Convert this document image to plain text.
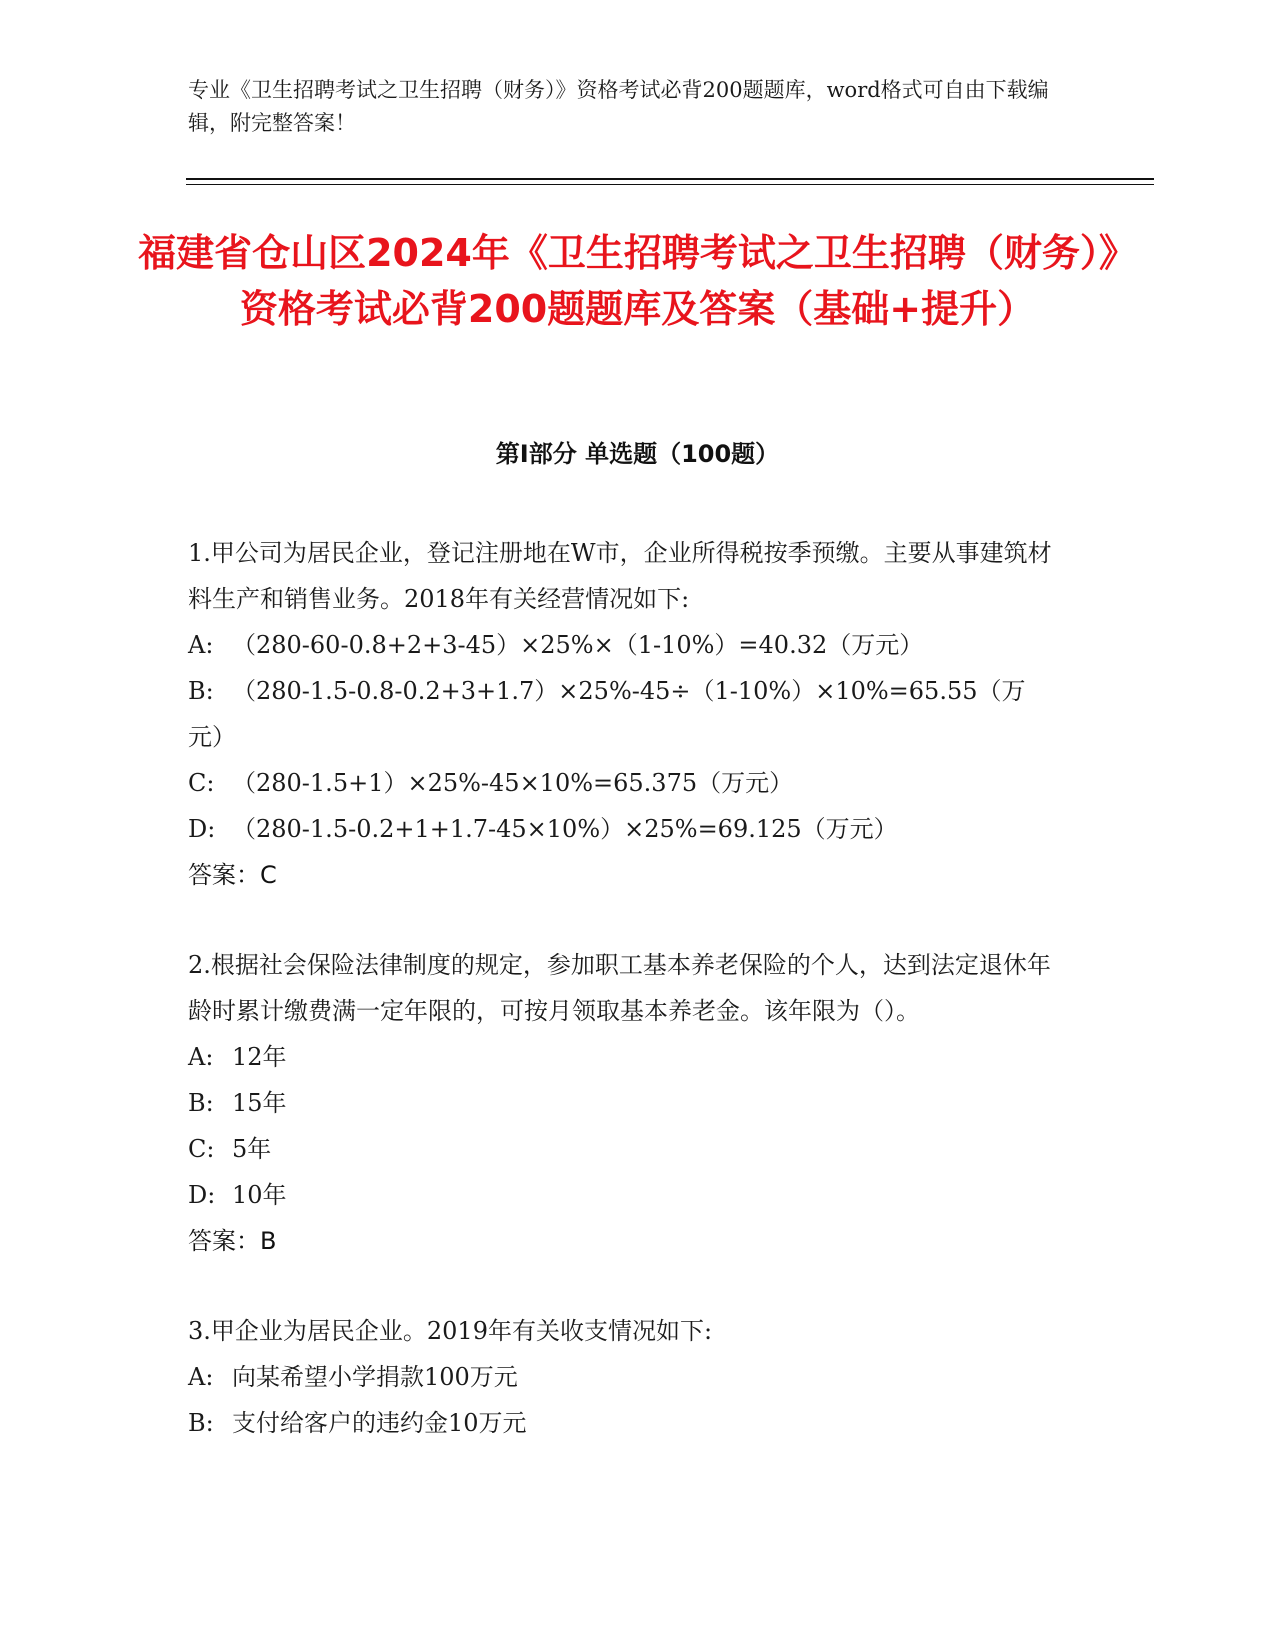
专业《卫生招聘考试之卫生招聘（财务）》资格考试必背200题题库，word格式可自由下载编辑，附完整答案！
福建省仓山区2024年《卫生招聘考试之卫生招聘（财务）》资格考试必背200题题库及答案（基础+提升）
第I部分 单选题（100题）
1.甲公司为居民企业，登记注册地在W市，企业所得税按季预缴。主要从事建筑材料生产和销售业务。2018年有关经营情况如下:
A: （280-60-0.8+2+3-45）×25%×（1-10%）=40.32（万元）
B: （280-1.5-0.8-0.2+3+1.7）×25%-45÷（1-10%）×10%=65.55（万元）
C: （280-1.5+1）×25%-45×10%=65.375（万元）
D: （280-1.5-0.2+1+1.7-45×10%）×25%=69.125（万元）
答案：C
2.根据社会保险法律制度的规定，参加职工基本养老保险的个人，达到法定退休年龄时累计缴费满一定年限的，可按月领取基本养老金。该年限为（）。
A: 12年
B: 15年
C: 5年
D: 10年
答案：B
3.甲企业为居民企业。2019年有关收支情况如下:
A: 向某希望小学捐款100万元
B: 支付给客户的违约金10万元
